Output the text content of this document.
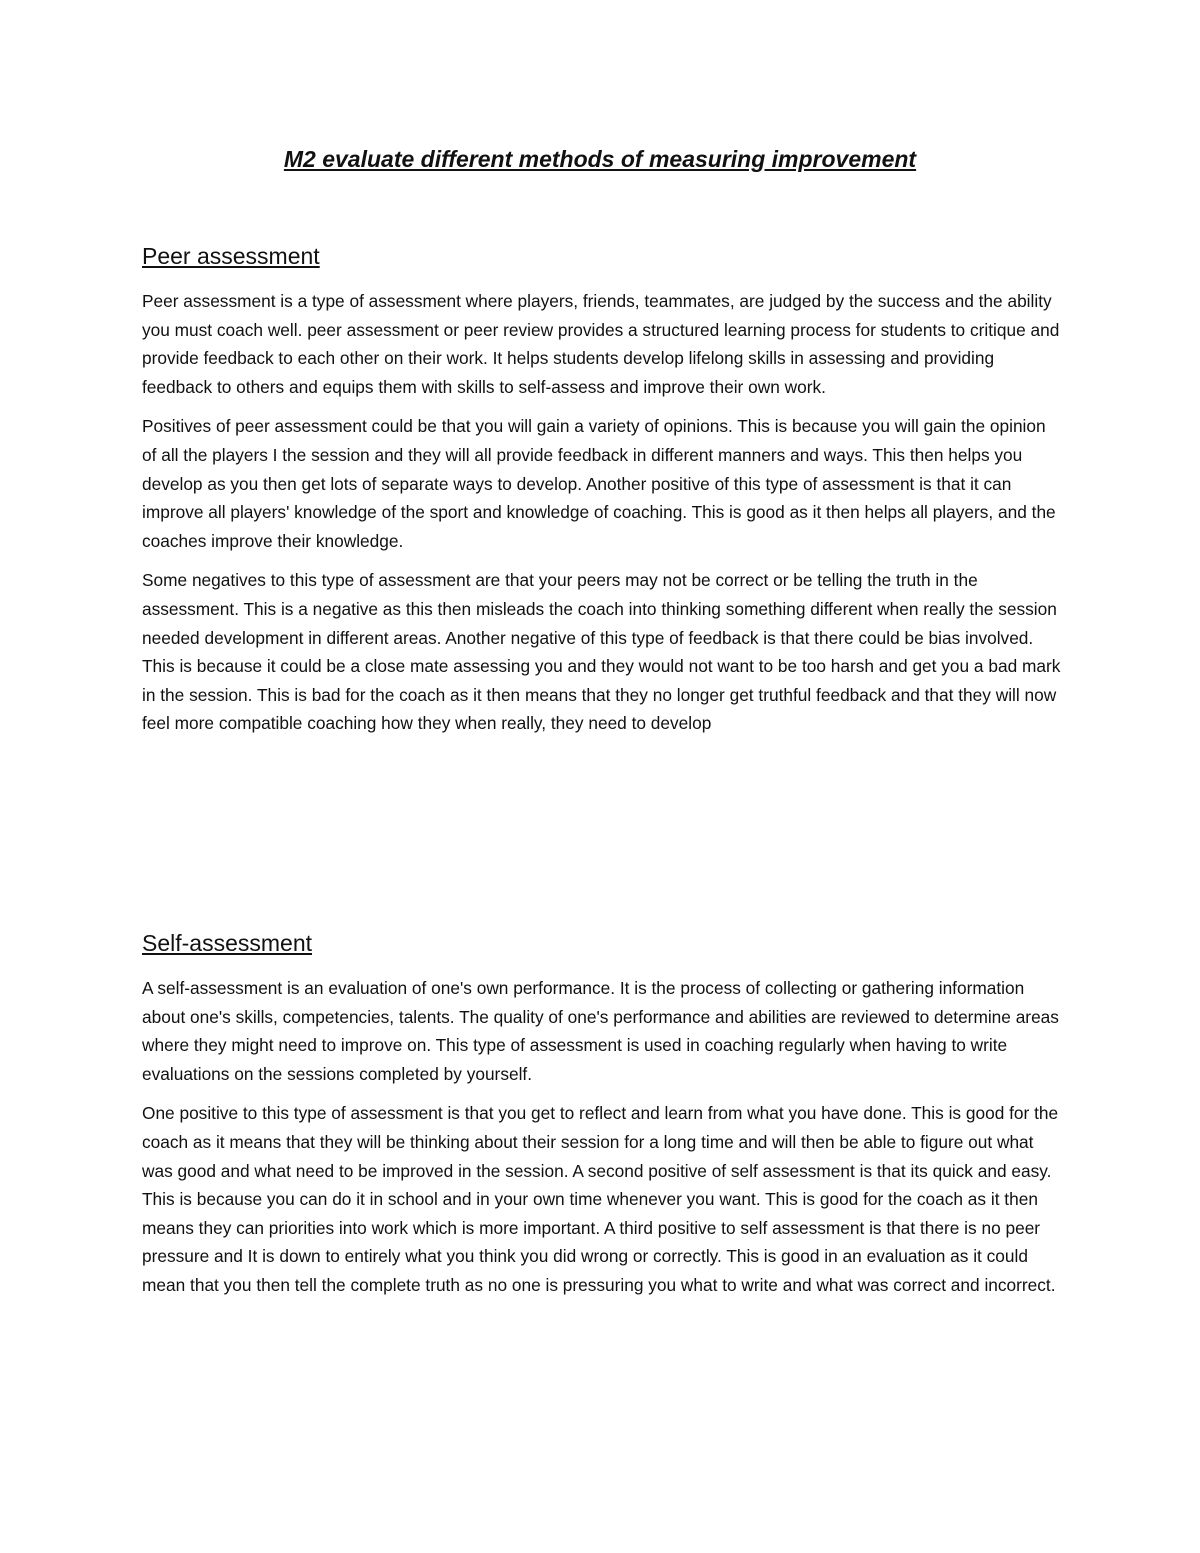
M2 evaluate different methods of measuring improvement
Peer assessment

Peer assessment is a type of assessment where players, friends, teammates, are judged by the success and the ability you must coach well. peer assessment or peer review provides a structured learning process for students to critique and provide feedback to each other on their work. It helps students develop lifelong skills in assessing and providing feedback to others and equips them with skills to self-assess and improve their own work.

Positives of peer assessment could be that you will gain a variety of opinions. This is because you will gain the opinion of all the players I the session and they will all provide feedback in different manners and ways. This then helps you develop as you then get lots of separate ways to develop. Another positive of this type of assessment is that it can improve all players' knowledge of the sport and knowledge of coaching. This is good as it then helps all players, and the coaches improve their knowledge.

Some negatives to this type of assessment are that your peers may not be correct or be telling the truth in the assessment. This is a negative as this then misleads the coach into thinking something different when really the session needed development in different areas. Another negative of this type of feedback is that there could be bias involved. This is because it could be a close mate assessing you and they would not want to be too harsh and get you a bad mark in the session. This is bad for the coach as it then means that they no longer get truthful feedback and that they will now feel more compatible coaching how they when really, they need to develop

Self-assessment

A self-assessment is an evaluation of one's own performance. It is the process of collecting or gathering information about one's skills, competencies, talents. The quality of one's performance and abilities are reviewed to determine areas where they might need to improve on. This type of assessment is used in coaching regularly when having to write evaluations on the sessions completed by yourself.

One positive to this type of assessment is that you get to reflect and learn from what you have done. This is good for the coach as it means that they will be thinking about their session for a long time and will then be able to figure out what was good and what need to be improved in the session. A second positive of self assessment is that its quick and easy. This is because you can do it in school and in your own time whenever you want. This is good for the coach as it then means they can priorities into work which is more important. A third positive to self assessment is that there is no peer pressure and It is down to entirely what you think you did wrong or correctly. This is good in an evaluation as it could mean that you then tell the complete truth as no one is pressuring you what to write and what was correct and incorrect.
